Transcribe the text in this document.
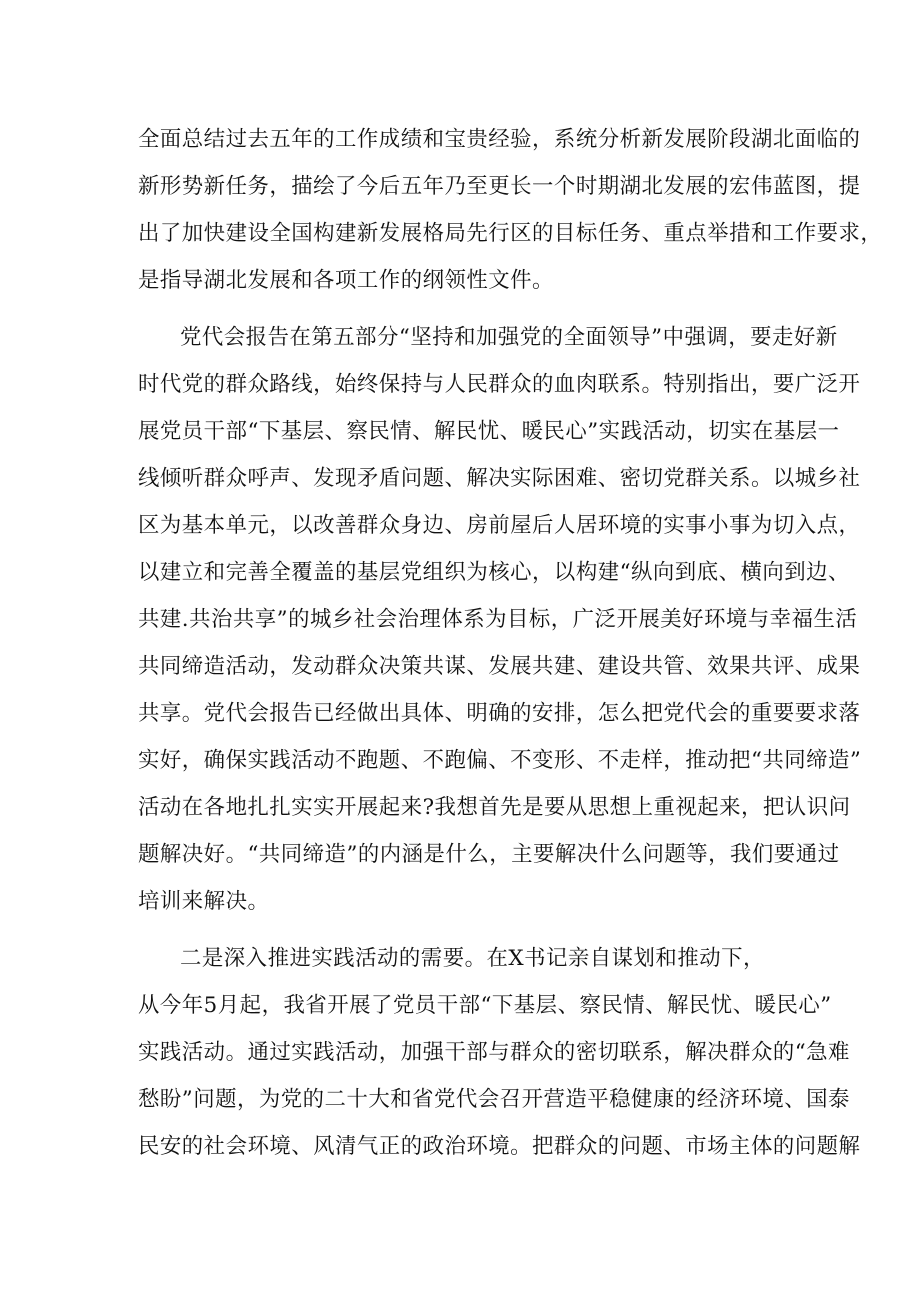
全面总结过去五年的工作成绩和宝贵经验，系统分析新发展阶段湖北面临的
新形势新任务，描绘了今后五年乃至更长一个时期湖北发展的宏伟蓝图，提
出了加快建设全国构建新发展格局先行区的目标任务、重点举措和工作要求，
是指导湖北发展和各项工作的纲领性文件。
党代会报告在第五部分“坚持和加强党的全面领导”中强调，要走好新
时代党的群众路线，始终保持与人民群众的血肉联系。特别指出，要广泛开
展党员干部“下基层、察民情、解民忧、暖民心”实践活动，切实在基层一
线倾听群众呼声、发现矛盾问题、解决实际困难、密切党群关系。以城乡社
区为基本单元，以改善群众身边、房前屋后人居环境的实事小事为切入点，
以建立和完善全覆盖的基层党组织为核心，以构建“纵向到底、横向到边、
共建.共治共享”的城乡社会治理体系为目标，广泛开展美好环境与幸福生活
共同缔造活动，发动群众决策共谋、发展共建、建设共管、效果共评、成果
共享。党代会报告已经做出具体、明确的安排，怎么把党代会的重要要求落
实好，确保实践活动不跑题、不跑偏、不变形、不走样，推动把“共同缔造”
活动在各地扎扎实实开展起来?我想首先是要从思想上重视起来，把认识问
题解决好。“共同缔造”的内涵是什么，主要解决什么问题等，我们要通过
培训来解决。
二是深入推进实践活动的需要。在X书记亲自谋划和推动下，
从今年5月起，我省开展了党员干部“下基层、察民情、解民忧、暖民心”
实践活动。通过实践活动，加强干部与群众的密切联系，解决群众的“急难
愁盼”问题，为党的二十大和省党代会召开营造平稳健康的经济环境、国泰
民安的社会环境、风清气正的政治环境。把群众的问题、市场主体的问题解
